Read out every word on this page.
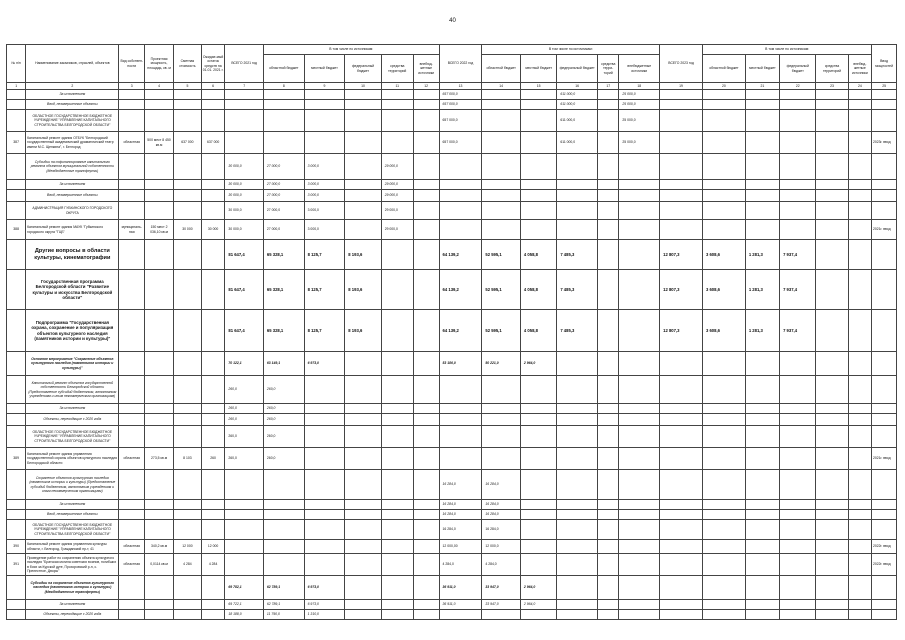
40
№ п/п	Наименование заказчиков, отраслей, объектов	Вид собствен-ности	Проектная мощность, площадь, кв. м	Сметная стоимость	Ожидае-мый остаток средств на 01.01. 2021 г.	ВСЕГО 2021 год	В том числе по источникам:					ВСЕГО 2022 год	В том числе по источникам:					ВСЕГО 2023 год	В том числе по источникам:					Ввод мощностей
							областной бюджет	местный бюджет	федеральный бюджет	средства территорий	внебюд-жетные источники		областной бюджет	местный бюджет	федеральный бюджет	средства терри-торий	внебюджетные источники		областной бюджет	местный бюджет	федеральный бюджет	средства территорий	внебюд-жетные источники	
1	2	3	4	5	6	7	8	9	10	11	12	13	14	15	16	17	18	19	20	21	22	23	24	25
	За исполнением											657 000,0			611 000,0		25 000,0							
	Ввод, незавершенные объекты											657 000,0			611 000,0		25 000,0							
	ОБЛАСТНОЕ ГОСУДАРСТВЕННОЕ БЮДЖЕТНОЕ УЧРЕЖДЕНИЕ "УПРАВЛЕНИЕ КАПИТАЛЬНОГО СТРОИТЕЛЬСТВА БЕЛГОРОДСКОЙ ОБЛАСТИ"											657 000,0			611 000,0		25 000,0							
387	Капитальный ремонт здания ОГБУК "Белгородский государственный академический драматический театр имени М.С. Щепкина", г. Белгород	областная	500 мест 8 450 кв.м	637 000	637 000							657 000,0			611 000,0		25 000,0							2023г. ввод
	Субсидии на софинансирование капитального ремонта объектов муниципальной собственности (Межбюджетные трансферты)					30 000,0	27 000,0	3 000,0		29 000,0														
	За исполнением					30 000,0	27 000,0	3 000,0		29 000,0														
	Ввод, незавершенные объекты					30 000,0	27 000,0	3 000,0		29 000,0														
	АДМИНИСТРАЦИЯ ГУБКИНСКОГО ГОРОДСКОГО ОКРУГА					30 000,0	27 000,0	3 000,0		29 000,0														
388	Капитальный ремонт здания МАУК "Губкинского городского округа "ГЦБ"	муниципаль-ная	150 мест 2 036,10 кв.м	30 000	30 000	30 000,0	27 000,0	3 000,0		29 000,0														2021г. ввод
	Другие вопросы в области культуры, кинематографии					81 647,4	65 328,1	8 125,7	8 193,6			64 139,2	52 595,1	4 058,8	7 485,3			12 807,3	3 608,6	1 281,3	7 937,4			
	Государственная программа Белгородской области "Развитие культуры и искусства Белгородской области"					81 647,4	65 328,1	8 125,7	8 193,6			64 139,2	52 595,1	4 058,8	7 485,3			12 807,3	3 608,6	1 281,3	7 937,4			
	Подпрограмма "Государственная охрана, сохранение и популяризация объектов культурного наследия (памятников истории и культуры)"					81 647,4	65 328,1	8 125,7	8 193,6			64 139,2	52 595,1	4 058,8	7 485,3			12 807,3	3 608,6	1 281,3	7 937,4			
	Основное мероприятие "Сохранение объектов культурного наследия (памятников истории и культуры)"					70 122,1	63 149,1	6 973,0				53 186,0	50 221,0	2 964,0										
	Капитальный ремонт объектов государственной собственности Белгородской области (Предоставление субсидий бюджетным, автономным учреждениям и иным некоммерческим организациям)					260,0	260,0																	
	За исполнением					260,0	260,0																	
	Объекты, переходящие с 2020 года					260,0	260,0																	
	ОБЛАСТНОЕ ГОСУДАРСТВЕННОЕ БЮДЖЕТНОЕ УЧРЕЖДЕНИЕ "УПРАВЛЕНИЕ КАПИТАЛЬНОГО СТРОИТЕЛЬСТВА БЕЛГОРОДСКОЙ ОБЛАСТИ"					260,0	260,0																	
389	Капитальный ремонт здания управления государственной охраны объектов культурного наследия Белгородской области	областная	273,5 кв.м	8 103	260	260,0	260,0																	2021г. ввод
	Сохранение объектов культурного наследия (памятников истории и культуры) (Предоставление субсидий бюджетным, автономным учреждениям и иным некоммерческим организациям)											16 284,0	16 284,0											
	За исполнением											16 284,0	16 284,0											
	Ввод, незавершенные объекты											16 284,0	16 284,0											
	ОБЛАСТНОЕ ГОСУДАРСТВЕННОЕ БЮДЖЕТНОЕ УЧРЕЖДЕНИЕ "УПРАВЛЕНИЕ КАПИТАЛЬНОГО СТРОИТЕЛЬСТВА БЕЛГОРОДСКОЙ ОБЛАСТИ"											16 284,0	16 284,0											
390	Капитальный ремонт здания управления культуры области, г. Белгород, Гражданский пр-т, 41	областная	340,2 кв.м	12 000	12 000							12 000,00	12 000,0											2022г. ввод
391	Проведение работ по сохранению объекта культурного наследия "Братская могила советских воинов, погибших в боях за Курской дуге, Прохоровский р-н, с. Прелестное, Дворы"	областная	0,0114 кв.м	4 284	4 284							4 284,0	4 284,0											2022г. ввод
	Субсидии на сохранение объектов культурного наследия (памятников истории и культуры) (Межбюджетные трансферты)					69 782,1	62 789,1	6 973,0				36 911,0	33 947,0	2 964,0										
	За исполнением					69 722,1	62 789,1	6 973,0				36 911,0	33 947,0	2 964,0										
	Объекты, переходящие с 2020 года					18 188,0	11 790,0	1 310,0																
